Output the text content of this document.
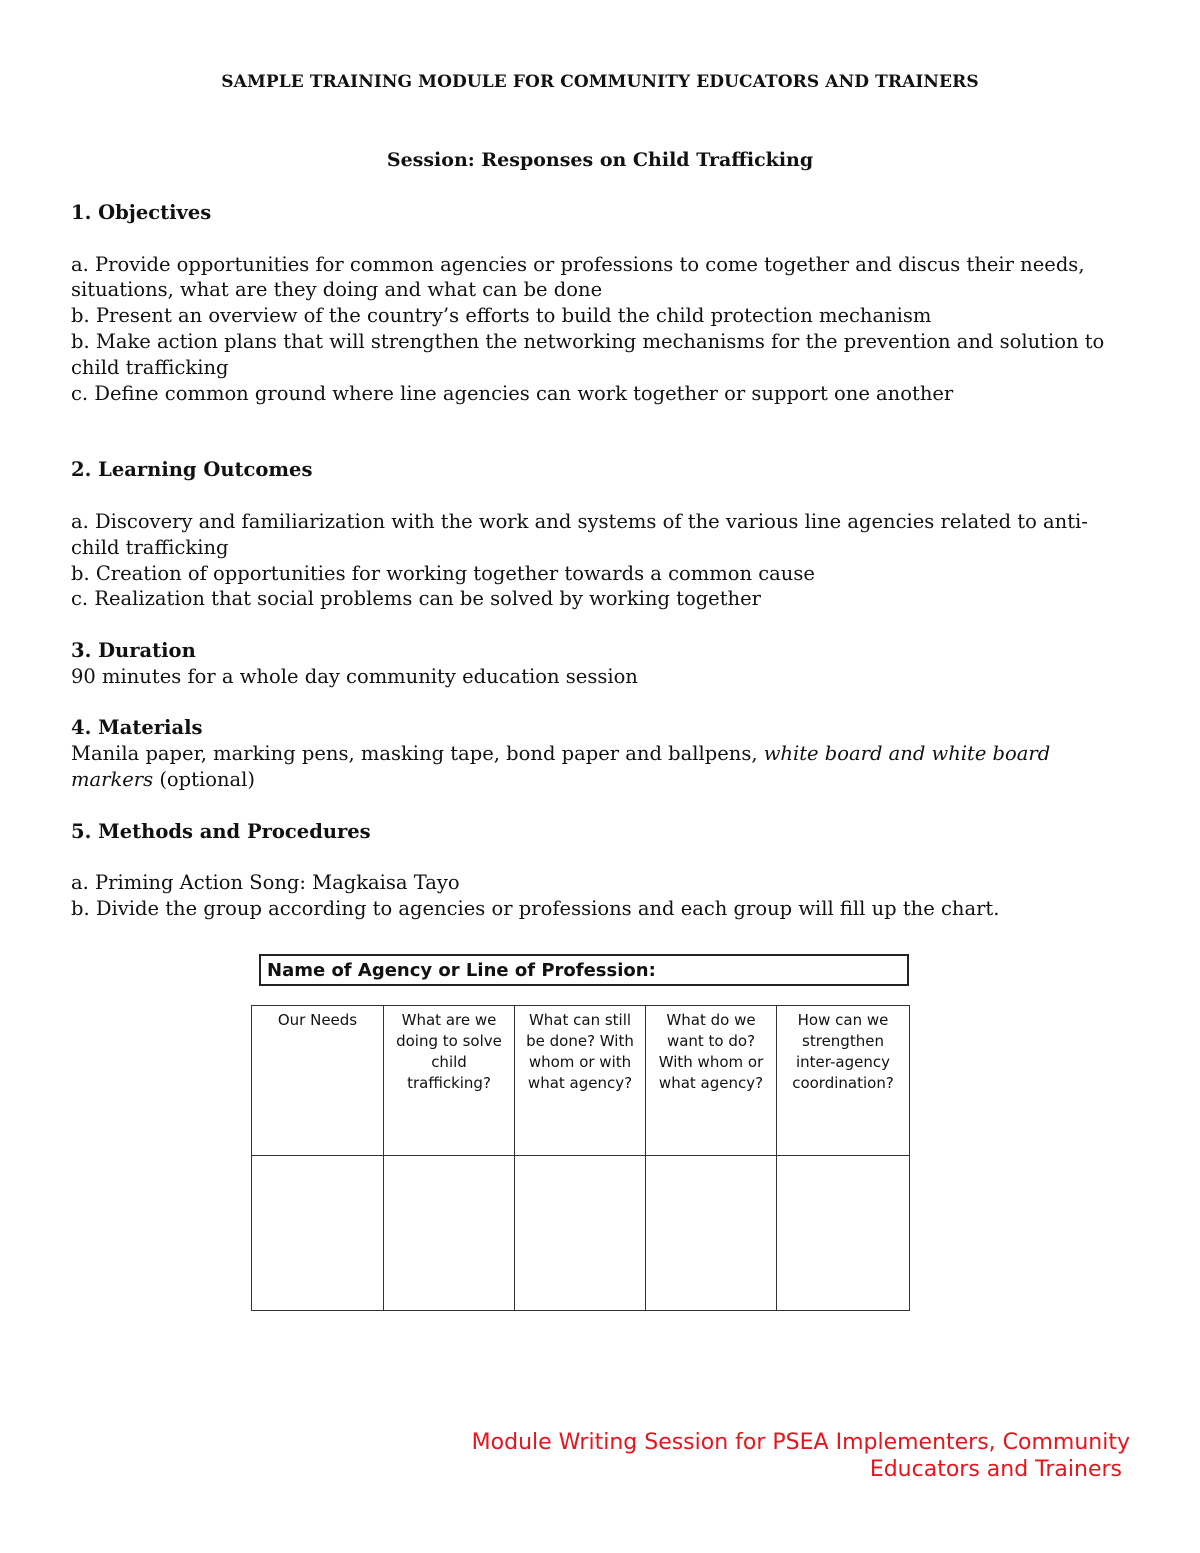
SAMPLE TRAINING MODULE FOR COMMUNITY EDUCATORS AND TRAINERS
Session: Responses on Child Trafficking
1. Objectives
a. Provide opportunities for common agencies or professions to come together and discus their needs, situations, what are they doing and what can be done
b. Present an overview of the country’s efforts to build the child protection mechanism
b. Make action plans that will strengthen the networking mechanisms for the prevention and solution to child trafficking
c. Define common ground where line agencies can work together or support one another
2. Learning Outcomes
a. Discovery and familiarization with the work and systems of the various line agencies related to anti-child trafficking
b. Creation of opportunities for working together towards a common cause
c. Realization that social problems can be solved by working together
3. Duration
90 minutes for a whole day community education session
4. Materials
Manila paper, marking pens, masking tape, bond paper and ballpens, white board and white board markers (optional)
5. Methods and Procedures
a. Priming Action Song: Magkaisa Tayo
b. Divide the group according to agencies or professions and each group will fill up the chart.
Name of Agency or Line of Profession:
Our Needs	What are we doing to solve child trafficking?
What can still be done? With whom or with what agency?
What do we want to do? With whom or what agency?
How can we strengthen inter-agency coordination?
Module Writing Session for PSEA Implementers, Community
Educators and Trainers
